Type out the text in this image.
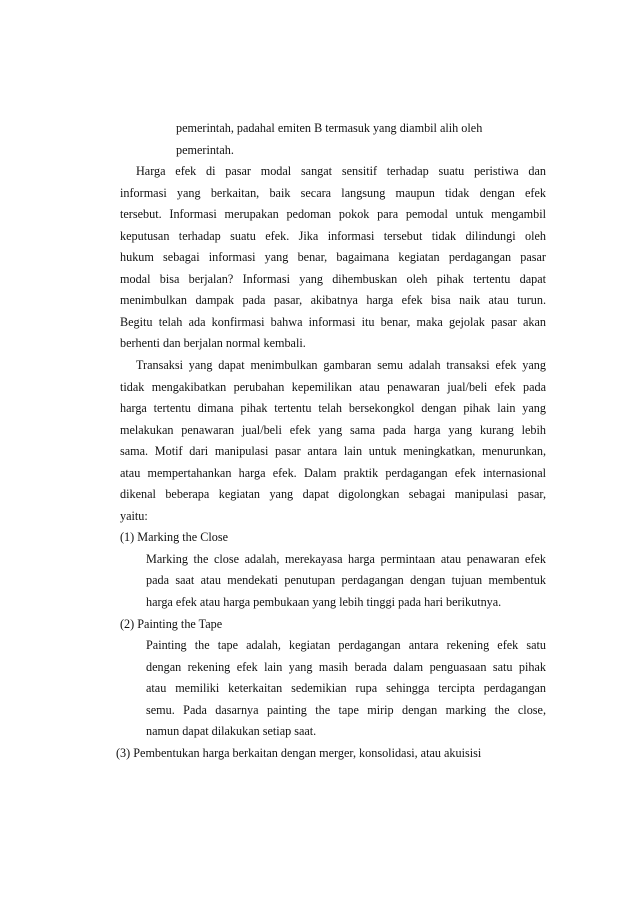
pemerintah, padahal emiten B termasuk yang diambil alih oleh
pemerintah.
Harga efek di pasar modal sangat sensitif terhadap suatu peristiwa dan
informasi yang berkaitan, baik secara langsung maupun tidak dengan efek
tersebut. Informasi merupakan pedoman pokok para pemodal untuk mengambil
keputusan terhadap suatu efek. Jika informasi tersebut tidak dilindungi oleh
hukum sebagai informasi yang benar, bagaimana kegiatan perdagangan pasar
modal bisa berjalan? Informasi yang dihembuskan oleh pihak tertentu dapat
menimbulkan dampak pada pasar, akibatnya harga efek bisa naik atau turun.
Begitu telah ada konfirmasi bahwa informasi itu benar, maka gejolak pasar akan
berhenti dan berjalan normal kembali.
Transaksi yang dapat menimbulkan gambaran semu adalah transaksi efek yang
tidak mengakibatkan perubahan kepemilikan atau penawaran jual/beli efek pada
harga tertentu dimana pihak tertentu telah bersekongkol dengan pihak lain yang
melakukan penawaran jual/beli efek yang sama pada harga yang kurang lebih
sama. Motif dari manipulasi pasar antara lain untuk meningkatkan, menurunkan,
atau mempertahankan harga efek. Dalam praktik perdagangan efek internasional
dikenal beberapa kegiatan yang dapat digolongkan sebagai manipulasi pasar,
yaitu:
(1) Marking the Close
Marking the close adalah, merekayasa harga permintaan atau penawaran efek
pada saat atau mendekati penutupan perdagangan dengan tujuan membentuk
harga efek atau harga pembukaan yang lebih tinggi pada hari berikutnya.
(2) Painting the Tape
Painting the tape adalah, kegiatan perdagangan antara rekening efek satu
dengan rekening efek lain yang masih berada dalam penguasaan satu pihak
atau memiliki keterkaitan sedemikian rupa sehingga tercipta perdagangan
semu. Pada dasarnya painting the tape mirip dengan marking the close,
namun dapat dilakukan setiap saat.
(3) Pembentukan harga berkaitan dengan merger, konsolidasi, atau akuisisi
